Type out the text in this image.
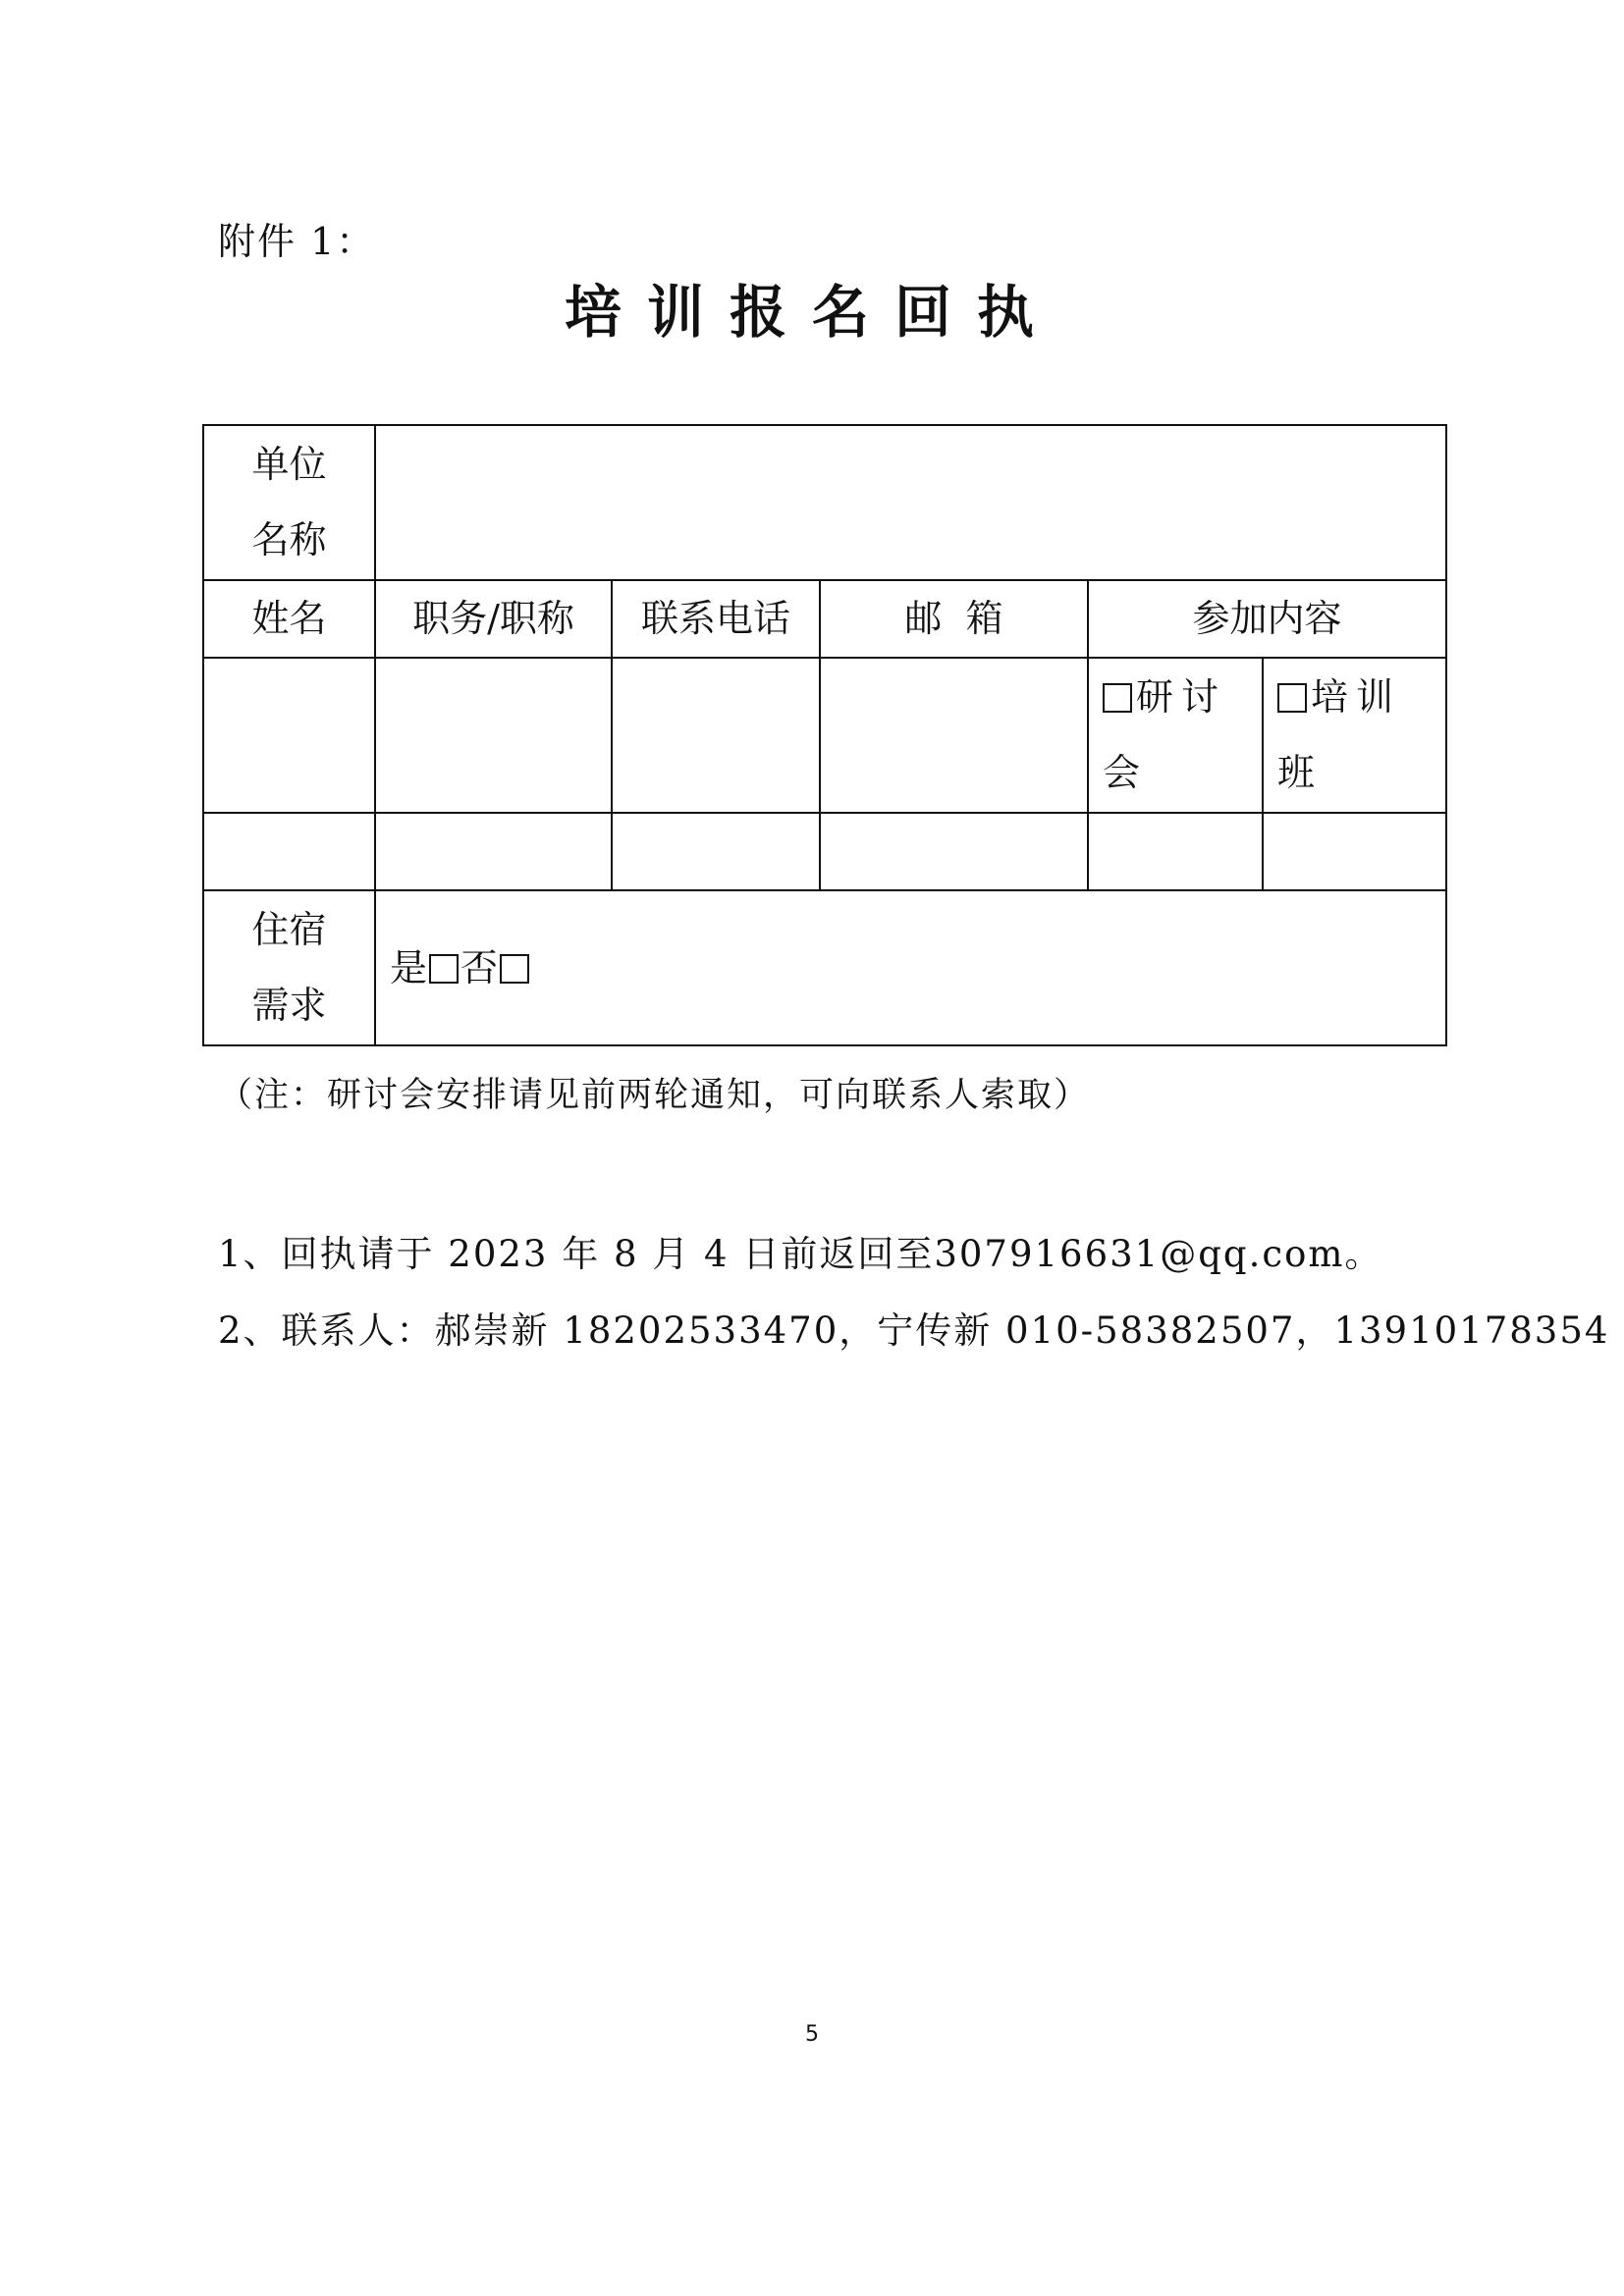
附件 1：
培训报名回执
单位
名称					

姓名	职务/职称	联系电话	邮  箱	参加内容	
				研讨会	培训班

住宿
需求	是 否				
（注：研讨会安排请见前两轮通知，可向联系人索取）
1、回执请于 2023 年 8 月 4 日前返回至307916631@qq.com。
2、联系人：郝崇新 18202533470，宁传新 010-58382507，13910178354
5
